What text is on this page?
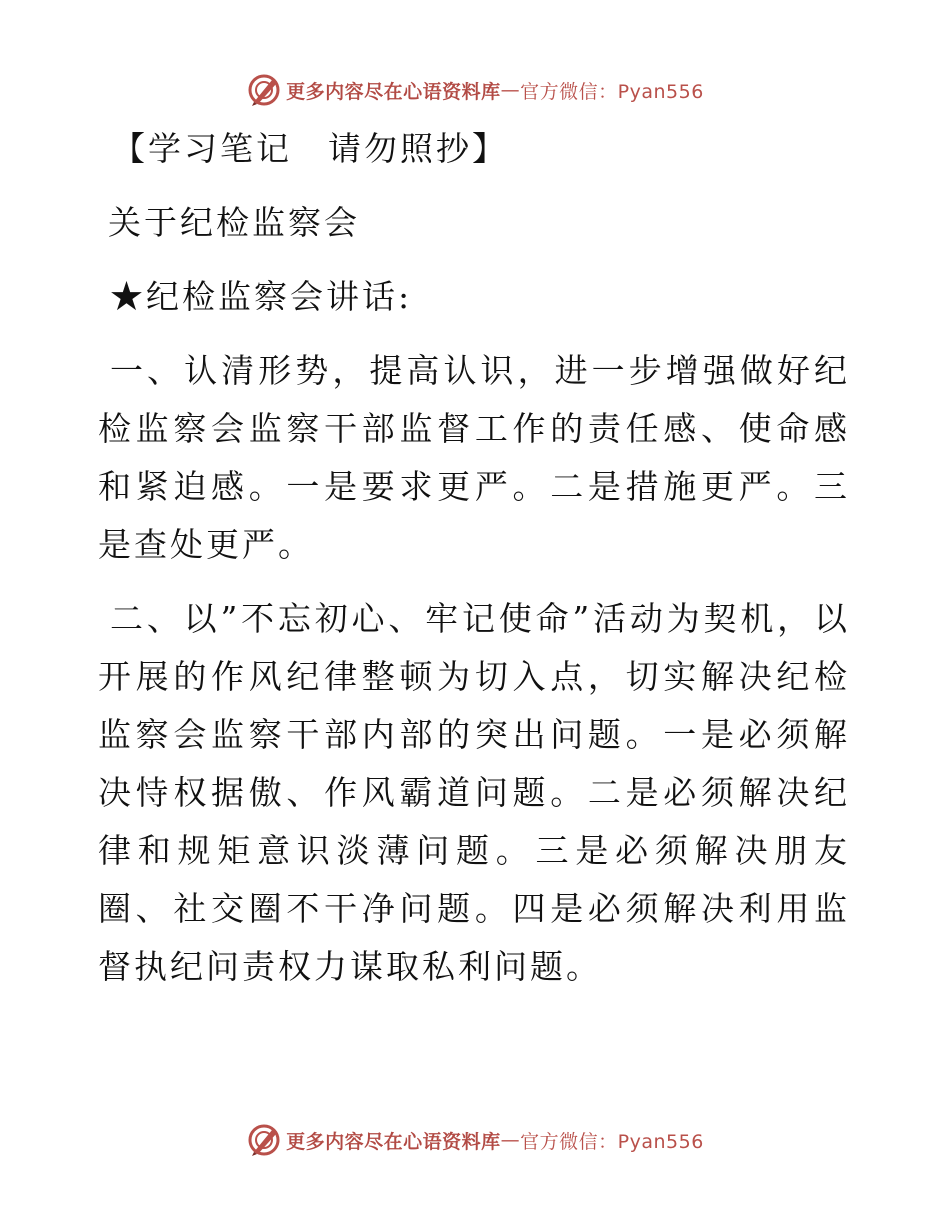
更多内容尽在心语资料库 — 官方微信：Pyan556
【学习笔记　请勿照抄】
关于纪检监察会
★纪检监察会讲话:

一、认清形势，提高认识，进一步增强做好纪检监察会监察干部监督工作的责任感、使命感和紧迫感。一是要求更严。二是措施更严。三是查处更严。

二、以”不忘初心、牢记使命”活动为契机，以开展的作风纪律整顿为切入点，切实解决纪检监察会监察干部内部的突出问题。一是必须解决恃权据傲、作风霸道问题。二是必须解决纪律和规矩意识淡薄问题。三是必须解决朋友圈、社交圈不干净问题。四是必须解决利用监督执纪问责权力谋取私利问题。

更多内容尽在心语资料库 — 官方微信：Pyan556
